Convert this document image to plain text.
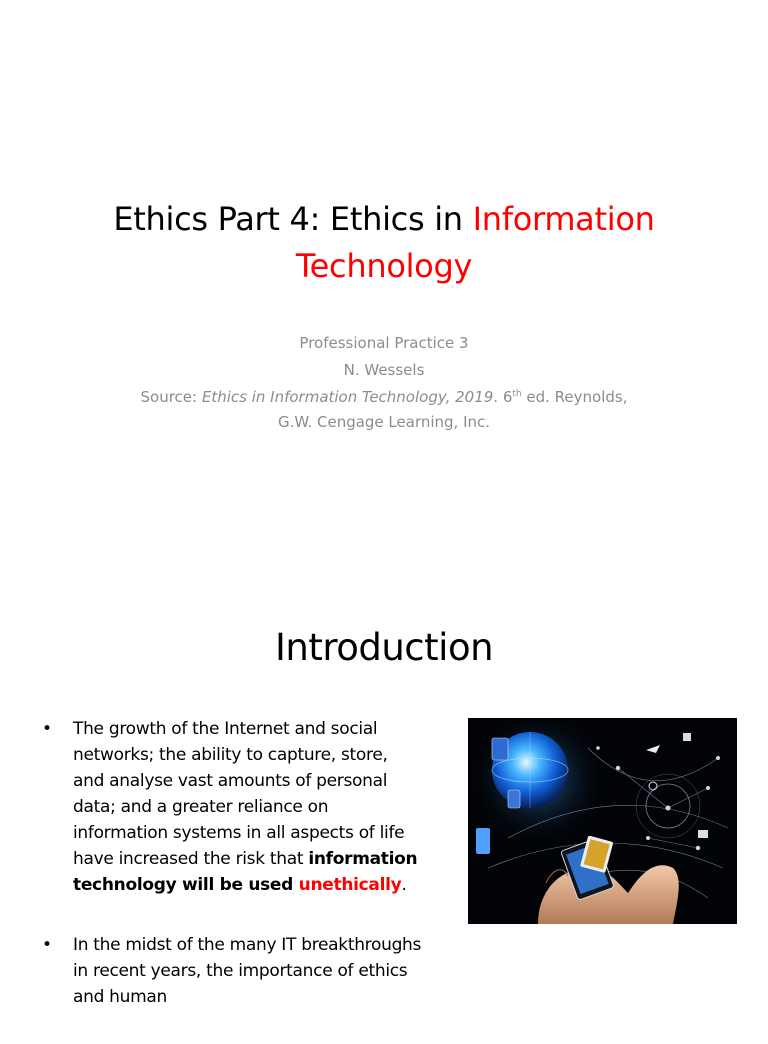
Ethics Part 4: Ethics in Information
Technology
Professional Practice 3
N. Wessels
Source: Ethics in Information Technology, 2019. 6th ed. Reynolds,
G.W. Cengage Learning, Inc.
Introduction
• The growth of the Internet and social networks; the ability to capture, store, and analyse vast amounts of personal data; and a greater reliance on information systems in all aspects of life have increased the risk that information technology will be used unethically.
• In the midst of the many IT breakthroughs in recent years, the importance of ethics and human
